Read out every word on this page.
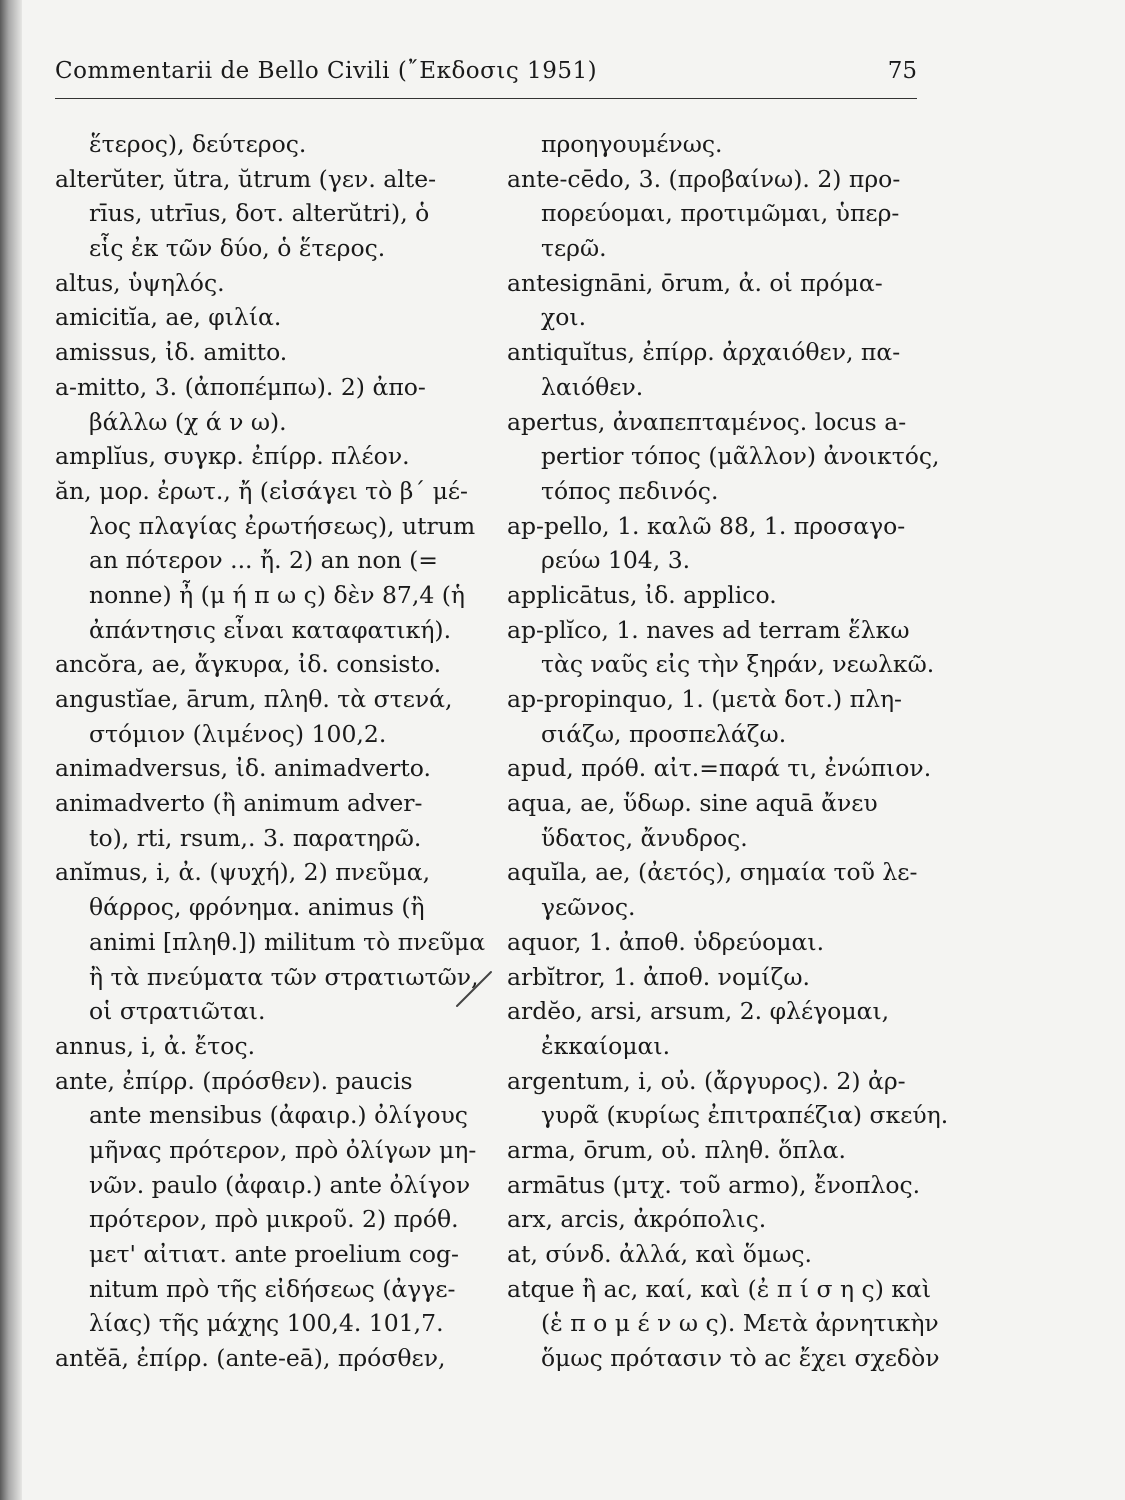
Commentarii de Bello Civili (῎Εκδοσις 1951)	75
ἕτερος), δεύτερος.
alterŭter, ŭtra, ŭtrum (γεν. alte-
rīus, utrīus, δοτ. alterŭtri), ὁ
εἷς ἐκ τῶν δύο, ὁ ἕτερος.
altus, ὑψηλός.
amicitĭa, ae, φιλία.
amissus, ἰδ. amitto.
a-mitto, 3. (ἀποπέμπω). 2) ἀπο-
βάλλω (χ ά ν ω).
amplĭus, συγκρ. ἐπίρρ. πλέον.
ăn, μορ. ἐρωτ., ἤ (εἰσάγει τὸ β΄ μέ-
λος πλαγίας ἐρωτήσεως), utrum
an πότερον ... ἤ. 2) an non (=
nonne) ἦ (μ ή π ω ς) δὲν 87,4 (ἡ
ἀπάντησις εἶναι καταφατική).
ancŏra, ae, ἄγκυρα, ἰδ. consisto.
angustĭae, ārum, πληθ. τὰ στενά,
στόμιον (λιμένος) 100,2.
animadversus, ἰδ. animadverto.
animadverto (ἢ animum adver-
to), rti, rsum,. 3. παρατηρῶ.
anĭmus, i, ἀ. (ψυχή), 2) πνεῦμα,
θάρρος, φρόνημα. animus (ἢ
animi [πληθ.]) militum τὸ πνεῦμα
ἢ τὰ πνεύματα τῶν στρατιωτῶν,
οἱ στρατιῶται.
annus, i, ἀ. ἔτος.
ante, ἐπίρρ. (πρόσθεν). paucis
ante mensibus (ἀφαιρ.) ὀλίγους
μῆνας πρότερον, πρὸ ὀλίγων μη-
νῶν. paulo (ἀφαιρ.) ante ὀλίγον
πρότερον, πρὸ μικροῦ. 2) πρόθ.
μετ' αἰτιατ. ante proelium cog-
nitum πρὸ τῆς εἰδήσεως (ἀγγε-
λίας) τῆς μάχης 100,4. 101,7.
antĕā, ἐπίρρ. (ante-eā), πρόσθεν,
προηγουμένως.
ante-cēdo, 3. (προβαίνω). 2) προ-
πορεύομαι, προτιμῶμαι, ὑπερ-
τερῶ.
antesignāni, ōrum, ἀ. οἱ πρόμα-
χοι.
antiquĭtus, ἐπίρρ. ἀρχαιόθεν, πα-
λαιόθεν.
apertus, ἀναπεπταμένος. locus a-
pertior τόπος (μᾶλλον) ἀνοικτός,
τόπος πεδινός.
ap-pello, 1. καλῶ 88, 1. προσαγο-
ρεύω 104, 3.
applicātus, ἰδ. applico.
ap-plĭco, 1. naves ad terram ἕλκω
τὰς ναῦς εἰς τὴν ξηράν, νεωλκῶ.
ap-propinquo, 1. (μετὰ δοτ.) πλη-
σιάζω, προσπελάζω.
apud, πρόθ. αἰτ.=παρά τι, ἐνώπιον.
aqua, ae, ὕδωρ. sine aquā ἄνευ
ὕδατος, ἄνυδρος.
aquĭla, ae, (ἀετός), σημαία τοῦ λε-
γεῶνος.
aquor, 1. ἀποθ. ὑδρεύομαι.
arbĭtror, 1. ἀποθ. νομίζω.
ardĕo, arsi, arsum, 2. φλέγομαι,
ἐκκαίομαι.
argentum, i, οὐ. (ἄργυρος). 2) ἀρ-
γυρᾶ (κυρίως ἐπιτραπέζια) σκεύη.
arma, ōrum, οὐ. πληθ. ὅπλα.
armātus (μτχ. τοῦ armo), ἔνοπλος.
arx, arcis, ἀκρόπολις.
at, σύνδ. ἀλλά, καὶ ὅμως.
atque ἢ ac, καί, καὶ (ἐ π ί σ η ς) καὶ
(ἑ π ο μ έ ν ω ς). Μετὰ ἀρνητικὴν
ὅμως πρότασιν τὸ ac ἔχει σχεδὸν
